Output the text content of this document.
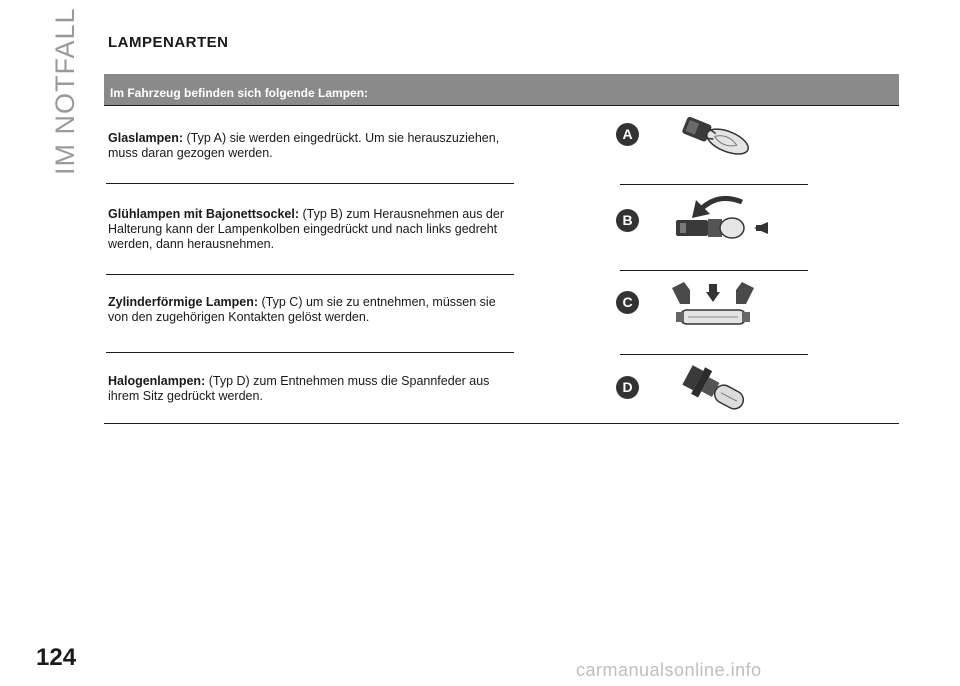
IM NOTFALL LAMPENARTEN
Im Fahrzeug befinden sich folgende Lampen:
Glaslampen: (Typ A) sie werden eingedrückt. Um sie herauszuziehen, muss daran gezogen werden.
Glühlampen mit Bajonettsockel: (Typ B) zum Herausnehmen aus der Halterung kann der Lampenkolben eingedrückt und nach links gedreht werden, dann herausnehmen.
Zylinderförmige Lampen: (Typ C) um sie zu entnehmen, müssen sie von den zugehörigen Kontakten gelöst werden.
Halogenlampen: (Typ D) zum Entnehmen muss die Spannfeder aus ihrem Sitz gedrückt werden.
A
B
C
D
124	carmanualsonline.info
